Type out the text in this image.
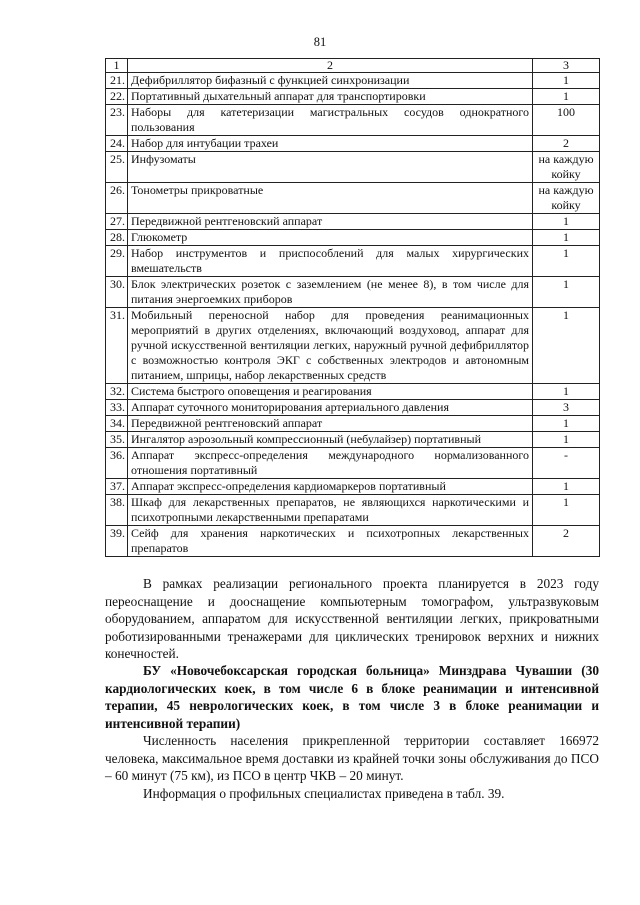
81
1	2	3
21.	Дефибриллятор бифазный с функцией синхронизации	1
22.	Портативный дыхательный аппарат для транспортировки	1
23.	Наборы для катетеризации магистральных сосудов однократного пользования	100
24.	Набор для интубации трахеи	2
25.	Инфузоматы	на каждую койку
26.	Тонометры прикроватные	на каждую койку
27.	Передвижной рентгеновский аппарат	1
28.	Глюкометр	1
29.	Набор инструментов и приспособлений для малых хирургических вмешательств	1
30.	Блок электрических розеток с заземлением (не менее 8), в том числе для питания энергоемких приборов	1
31.	Мобильный переносной набор для проведения реанимационных мероприятий в других отделениях, включающий воздуховод, аппарат для ручной искусственной вентиляции легких, наружный ручной дефибриллятор с возможностью контроля ЭКГ с собственных электродов и автономным питанием, шприцы, набор лекарственных средств	1
32.	Система быстрого оповещения и реагирования	1
33.	Аппарат суточного мониторирования артериального давления	3
34.	Передвижной рентгеновский аппарат	1
35.	Ингалятор аэрозольный компрессионный (небулайзер) портативный	1
36.	Аппарат экспресс-определения международного нормализованного отношения портативный	-
37.	Аппарат экспресс-определения кардиомаркеров портативный	1
38.	Шкаф для лекарственных препаратов, не являющихся наркотическими и психотропными лекарственными препаратами	1
39.	Сейф для хранения наркотических и психотропных лекарственных препаратов	2

В рамках реализации регионального проекта планируется в 2023 году переоснащение и дооснащение компьютерным томографом, ультразвуковым оборудованием, аппаратом для искусственной вентиляции легких, прикроватными роботизированными тренажерами для циклических тренировок верхних и нижних конечностей.

БУ «Новочебоксарская городская больница» Минздрава Чувашии (30 кардиологических коек, в том числе 6 в блоке реанимации и интенсивной терапии, 45 неврологических коек, в том числе 3 в блоке реанимации и интенсивной терапии)

Численность населения прикрепленной территории составляет 166972 человека, максимальное время доставки из крайней точки зоны обслуживания до ПСО – 60 минут (75 км), из ПСО в центр ЧКВ – 20 минут.

Информация о профильных специалистах приведена в табл. 39.
